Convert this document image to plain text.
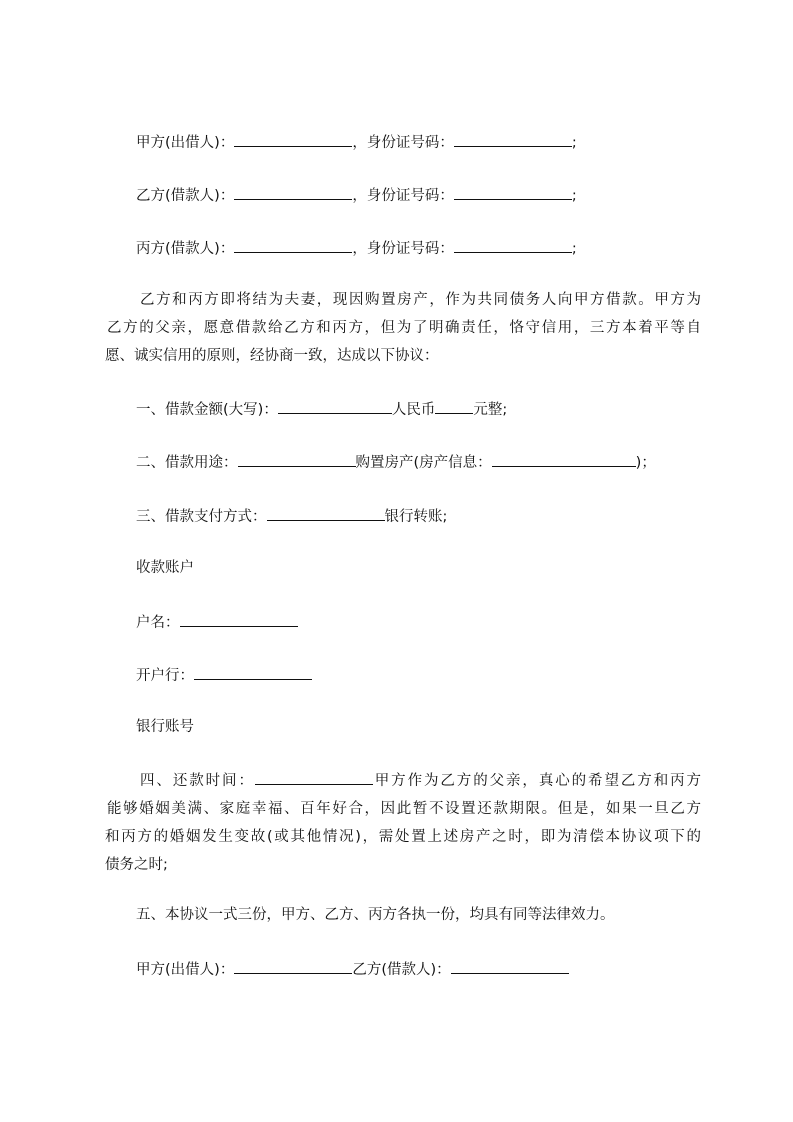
甲方(出借人)：	，身份证号码：	;
乙方(借款人)：	，身份证号码：	;
丙方(借款人)：	，身份证号码：	;

乙方和丙方即将结为夫妻，现因购置房产，作为共同债务人向甲方借款。甲方为

乙方的父亲，愿意借款给乙方和丙方，但为了明确责任，恪守信用，三方本着平等自

愿、诚实信用的原则，经协商一致，达成以下协议：

一、借款金额(大写)：	人民币	元整;
二、借款用途：	购置房产(房产信息：	)；
三、借款支付方式：	银行转账;
收款账户
户名：
开户行：
银行账号

四、还款时间：	甲方作为乙方的父亲，真心的希望乙方和丙方

能够婚姻美满、家庭幸福、百年好合，因此暂不设置还款期限。但是，如果一旦乙方

和丙方的婚姻发生变故(或其他情况)，需处置上述房产之时，即为清偿本协议项下的

债务之时;

五、本协议一式三份，甲方、乙方、丙方各执一份，均具有同等法律效力。
甲方(出借人)：	乙方(借款人)：
